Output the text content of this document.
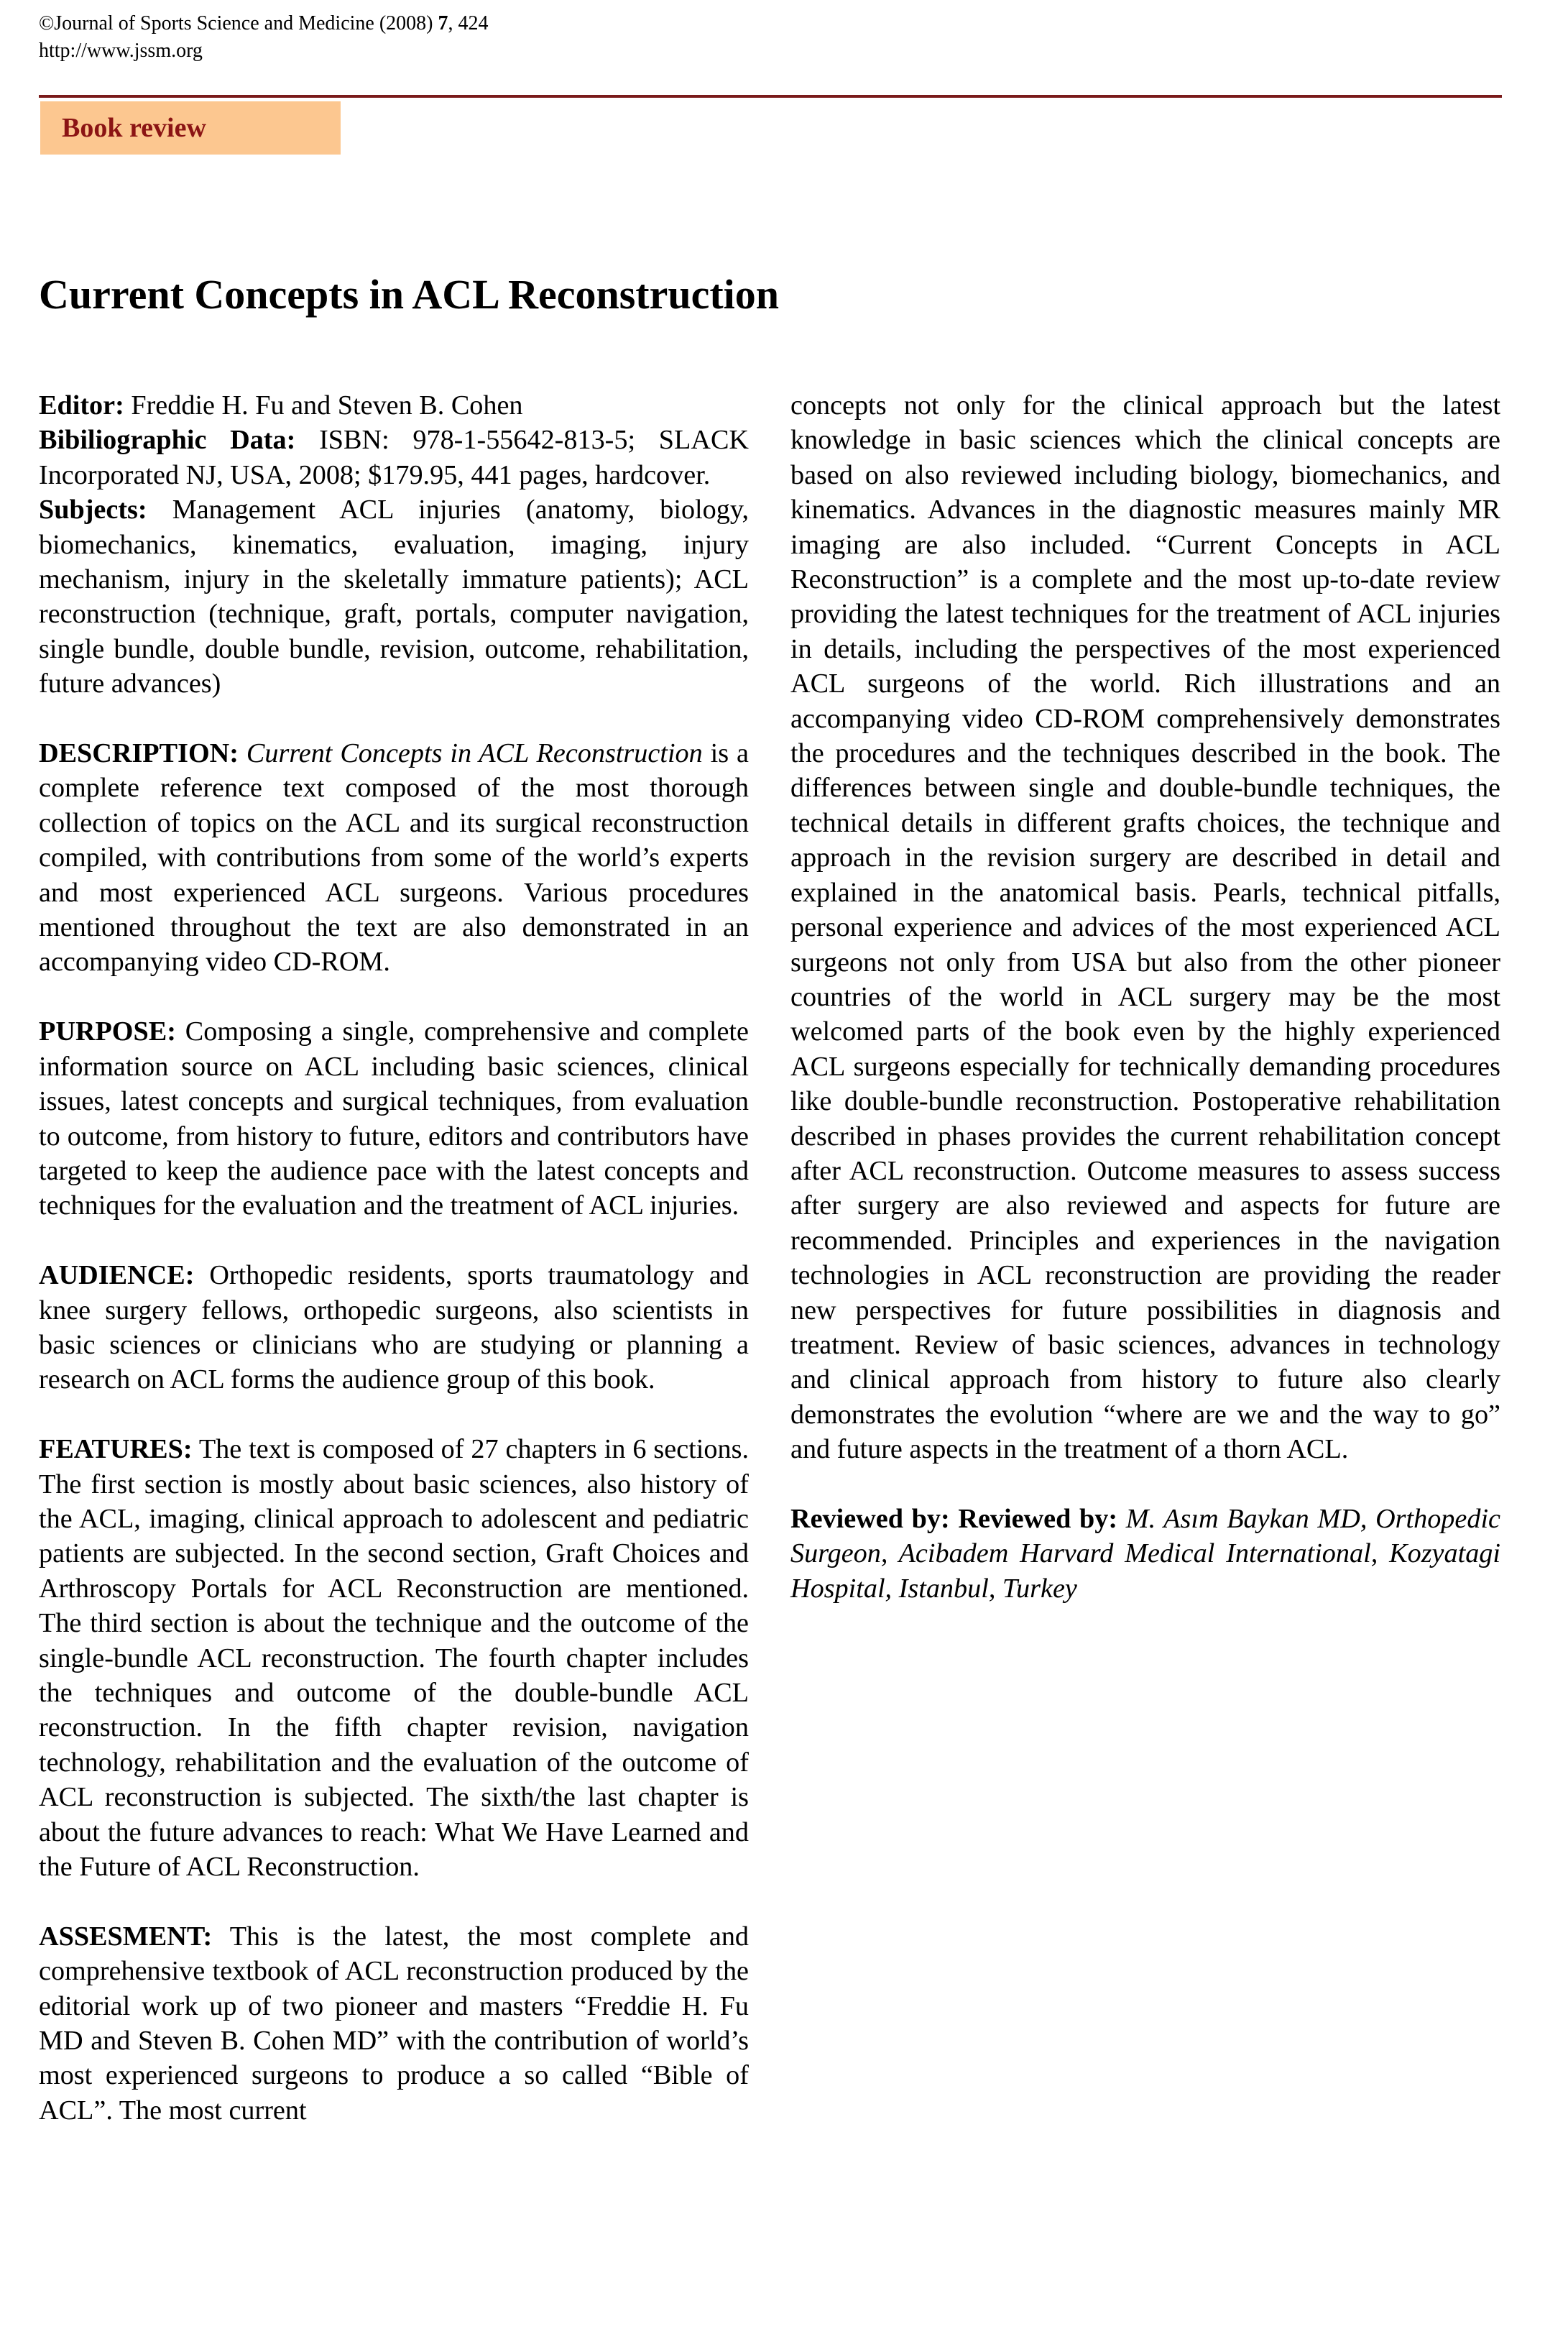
©Journal of Sports Science and Medicine (2008) 7, 424
http://www.jssm.org
Book review
Current Concepts in ACL Reconstruction

Editor: Freddie H. Fu and Steven B. Cohen

Bibiliographic Data: ISBN: 978-1-55642-813-5; SLACK Incorporated NJ, USA, 2008; $179.95, 441 pages, hardcover.

Subjects: Management ACL injuries (anatomy, biology, biomechanics, kinematics, evaluation, imaging, injury mechanism, injury in the skeletally immature patients); ACL reconstruction (technique, graft, portals, computer navigation, single bundle, double bundle, revision, outcome, rehabilitation, future advances)

DESCRIPTION: Current Concepts in ACL Reconstruction is a complete reference text composed of the most thorough collection of topics on the ACL and its surgical reconstruction compiled, with contributions from some of the world’s experts and most experienced ACL surgeons. Various procedures mentioned throughout the text are also demonstrated in an accompanying video CD-ROM.

PURPOSE: Composing a single, comprehensive and complete information source on ACL including basic sciences, clinical issues, latest concepts and surgical techniques, from evaluation to outcome, from history to future, editors and contributors have targeted to keep the audience pace with the latest concepts and techniques for the evaluation and the treatment of ACL injuries.

AUDIENCE: Orthopedic residents, sports traumatology and knee surgery fellows, orthopedic surgeons, also scientists in basic sciences or clinicians who are studying or planning a research on ACL forms the audience group of this book.

FEATURES: The text is composed of 27 chapters in 6 sections. The first section is mostly about basic sciences, also history of the ACL, imaging, clinical approach to adolescent and pediatric patients are subjected. In the second section, Graft Choices and Arthroscopy Portals for ACL Reconstruction are mentioned. The third section is about the technique and the outcome of the single-bundle ACL reconstruction. The fourth chapter includes the techniques and outcome of the double-bundle ACL reconstruction. In the fifth chapter revision, navigation technology, rehabilitation and the evaluation of the outcome of ACL reconstruction is subjected. The sixth/the last chapter is about the future advances to reach: What We Have Learned and the Future of ACL Reconstruction.

ASSESMENT: This is the latest, the most complete and comprehensive textbook of ACL reconstruction produced by the editorial work up of two pioneer and masters “Freddie H. Fu MD and Steven B. Cohen MD” with the contribution of world’s most experienced surgeons to produce a so called “Bible of ACL”. The most current

concepts not only for the clinical approach but the latest knowledge in basic sciences which the clinical concepts are based on also reviewed including biology, biomechanics, and kinematics. Advances in the diagnostic measures mainly MR imaging are also included. “Current Concepts in ACL Reconstruction” is a complete and the most up-to-date review providing the latest techniques for the treatment of ACL injuries in details, including the perspectives of the most experienced ACL surgeons of the world. Rich illustrations and an accompanying video CD-ROM comprehensively demonstrates the procedures and the techniques described in the book. The differences between single and double-bundle techniques, the technical details in different grafts choices, the technique and approach in the revision surgery are described in detail and explained in the anatomical basis. Pearls, technical pitfalls, personal experience and advices of the most experienced ACL surgeons not only from USA but also from the other pioneer countries of the world in ACL surgery may be the most welcomed parts of the book even by the highly experienced ACL surgeons especially for technically demanding procedures like double-bundle reconstruction. Postoperative rehabilitation described in phases provides the current rehabilitation concept after ACL reconstruction. Outcome measures to assess success after surgery are also reviewed and aspects for future are recommended. Principles and experiences in the navigation technologies in ACL reconstruction are providing the reader new perspectives for future possibilities in diagnosis and treatment. Review of basic sciences, advances in technology and clinical approach from history to future also clearly demonstrates the evolution “where are we and the way to go” and future aspects in the treatment of a thorn ACL.

Reviewed by: Reviewed by: M. Asım Baykan MD, Orthopedic Surgeon, Acibadem Harvard Medical International, Kozyatagi Hospital, Istanbul, Turkey
